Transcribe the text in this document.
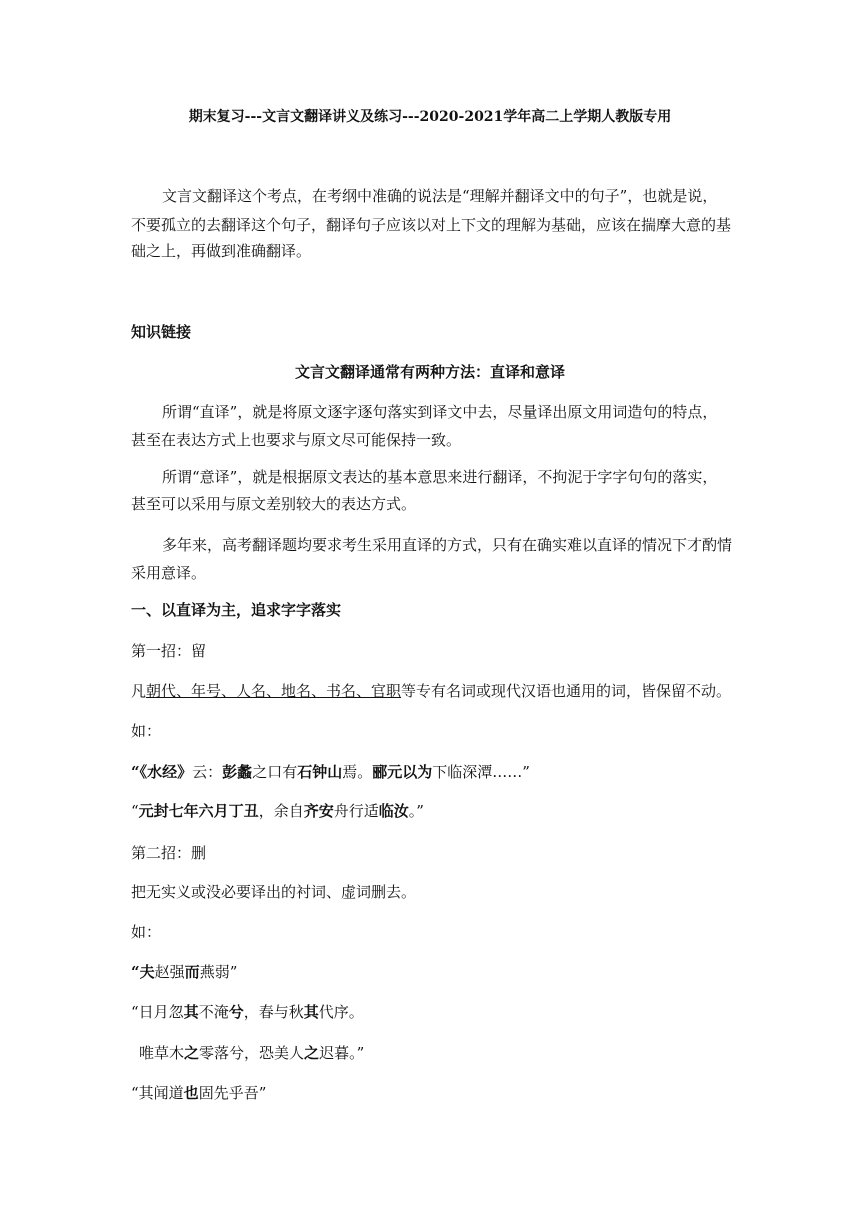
期末复习---文言文翻译讲义及练习---2020-2021学年高二上学期人教版专用
文言文翻译这个考点，在考纲中准确的说法是“理解并翻译文中的句子”，也就是说，
不要孤立的去翻译这个句子，翻译句子应该以对上下文的理解为基础，应该在揣摩大意的基
础之上，再做到准确翻译。
知识链接
文言文翻译通常有两种方法：直译和意译
所谓“直译”，就是将原文逐字逐句落实到译文中去，尽量译出原文用词造句的特点，
甚至在表达方式上也要求与原文尽可能保持一致。
所谓“意译”，就是根据原文表达的基本意思来进行翻译，不拘泥于字字句句的落实，
甚至可以采用与原文差别较大的表达方式。
多年来，高考翻译题均要求考生采用直译的方式，只有在确实难以直译的情况下才酌情
采用意译。
一、以直译为主，追求字字落实
第一招：留
凡朝代、年号、人名、地名、书名、官职等专有名词或现代汉语也通用的词，皆保留不动。
如：
“《水经》云：彭蠡之口有石钟山焉。郦元以为下临深潭……”
“元封七年六月丁丑，余自齐安舟行适临汝。”
第二招：删
把无实义或没必要译出的衬词、虚词删去。
如：
“夫赵强而燕弱”
“日月忽其不淹兮，春与秋其代序。
唯草木之零落兮，恐美人之迟暮。”
“其闻道也固先乎吾”
